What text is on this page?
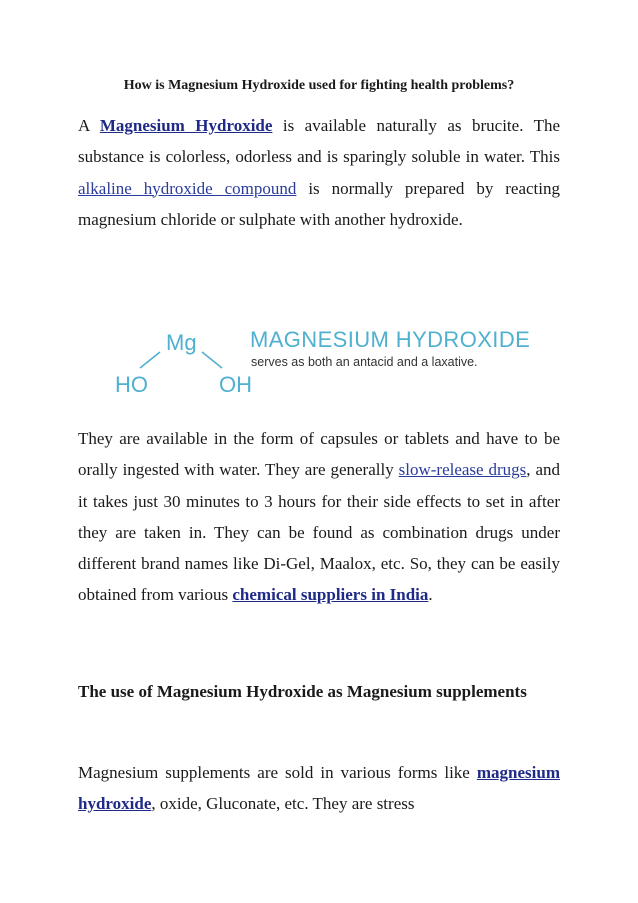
How is Magnesium Hydroxide used for fighting health problems?
A Magnesium Hydroxide is available naturally as brucite. The substance is colorless, odorless and is sparingly soluble in water. This alkaline hydroxide compound is normally prepared by reacting magnesium chloride or sulphate with another hydroxide.
Mg
HO	OH
MAGNESIUM HYDROXIDE
serves as both an antacid and a laxative.
They are available in the form of capsules or tablets and have to be orally ingested with water. They are generally slow-release drugs, and it takes just 30 minutes to 3 hours for their side effects to set in after they are taken in. They can be found as combination drugs under different brand names like Di-Gel, Maalox, etc. So, they can be easily obtained from various chemical suppliers in India.
The use of Magnesium Hydroxide as Magnesium supplements
Magnesium supplements are sold in various forms like magnesium hydroxide, oxide, Gluconate, etc. They are stress
